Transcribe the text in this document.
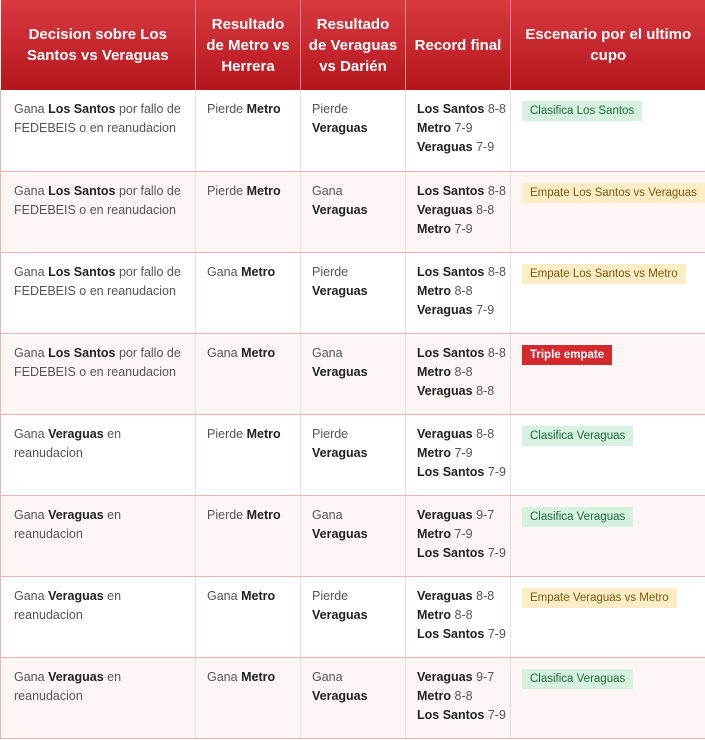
Decision sobre Los Santos vs Veraguas	Resultado de Metro vs Herrera	Resultado de Veraguas vs Darién	Record final	Escenario por el ultimo cupo
Gana Los Santos por fallo de FEDEBEIS o en reanudacion	Pierde Metro	Pierde Veraguas	Los Santos 8-8
Metro 7-9
Veraguas 7-9	Clasifica Los Santos
Gana Los Santos por fallo de FEDEBEIS o en reanudacion	Pierde Metro	Gana Veraguas	Los Santos 8-8
Veraguas 8-8
Metro 7-9	Empate Los Santos vs Veraguas
Gana Los Santos por fallo de FEDEBEIS o en reanudacion	Gana Metro	Pierde Veraguas	Los Santos 8-8
Metro 8-8
Veraguas 7-9	Empate Los Santos vs Metro
Gana Los Santos por fallo de FEDEBEIS o en reanudacion	Gana Metro	Gana Veraguas	Los Santos 8-8
Metro 8-8
Veraguas 8-8	Triple empate
Gana Veraguas en reanudacion	Pierde Metro	Pierde Veraguas	Veraguas 8-8
Metro 7-9
Los Santos 7-9	Clasifica Veraguas
Gana Veraguas en reanudacion	Pierde Metro	Gana Veraguas	Veraguas 9-7
Metro 7-9
Los Santos 7-9	Clasifica Veraguas
Gana Veraguas en reanudacion	Gana Metro	Pierde Veraguas	Veraguas 8-8
Metro 8-8
Los Santos 7-9	Empate Veraguas vs Metro
Gana Veraguas en reanudacion	Gana Metro	Gana Veraguas	Veraguas 9-7
Metro 8-8
Los Santos 7-9	Clasifica Veraguas
